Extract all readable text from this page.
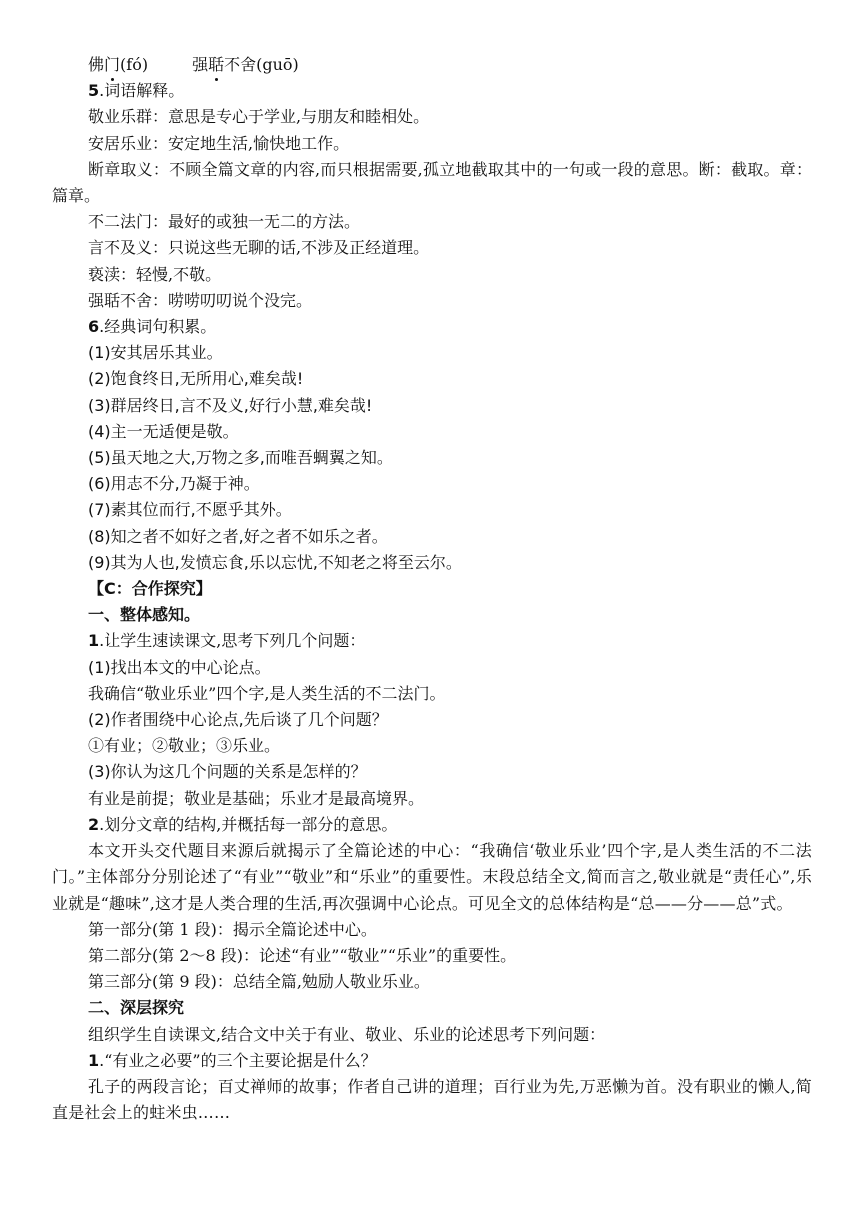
佛门(fó)	强聒不舍(guō)

5.词语解释。

敬业乐群：意思是专心于学业,与朋友和睦相处。

安居乐业：安定地生活,愉快地工作。

断章取义：不顾全篇文章的内容,而只根据需要,孤立地截取其中的一句或一段的意思。断：截取。章：篇章。

不二法门：最好的或独一无二的方法。

言不及义：只说这些无聊的话,不涉及正经道理。

亵渎：轻慢,不敬。

强聒不舍：唠唠叨叨说个没完。

6.经典词句积累。

(1)安其居乐其业。

(2)饱食终日,无所用心,难矣哉!

(3)群居终日,言不及义,好行小慧,难矣哉!

(4)主一无适便是敬。

(5)虽天地之大,万物之多,而唯吾蜩翼之知。

(6)用志不分,乃凝于神。

(7)素其位而行,不愿乎其外。

(8)知之者不如好之者,好之者不如乐之者。

(9)其为人也,发愤忘食,乐以忘忧,不知老之将至云尔。

【C：合作探究】

一、整体感知。

1.让学生速读课文,思考下列几个问题：

(1)找出本文的中心论点。

我确信“敬业乐业”四个字,是人类生活的不二法门。

(2)作者围绕中心论点,先后谈了几个问题？

①有业；②敬业；③乐业。

(3)你认为这几个问题的关系是怎样的？

有业是前提；敬业是基础；乐业才是最高境界。

2.划分文章的结构,并概括每一部分的意思。

本文开头交代题目来源后就揭示了全篇论述的中心：“我确信‘敬业乐业’四个字,是人类生活的不二法门。”主体部分分别论述了“有业”“敬业”和“乐业”的重要性。末段总结全文,简而言之,敬业就是“责任心”,乐业就是“趣味”,这才是人类合理的生活,再次强调中心论点。可见全文的总体结构是“总——分——总”式。

第一部分(第 1 段)：揭示全篇论述中心。

第二部分(第 2～8 段)：论述“有业”“敬业”“乐业”的重要性。

第三部分(第 9 段)：总结全篇,勉励人敬业乐业。

二、深层探究

组织学生自读课文,结合文中关于有业、敬业、乐业的论述思考下列问题：

1.“有业之必要”的三个主要论据是什么？

孔子的两段言论；百丈禅师的故事；作者自己讲的道理；百行业为先,万恶懒为首。没有职业的懒人,简直是社会上的蛀米虫……
